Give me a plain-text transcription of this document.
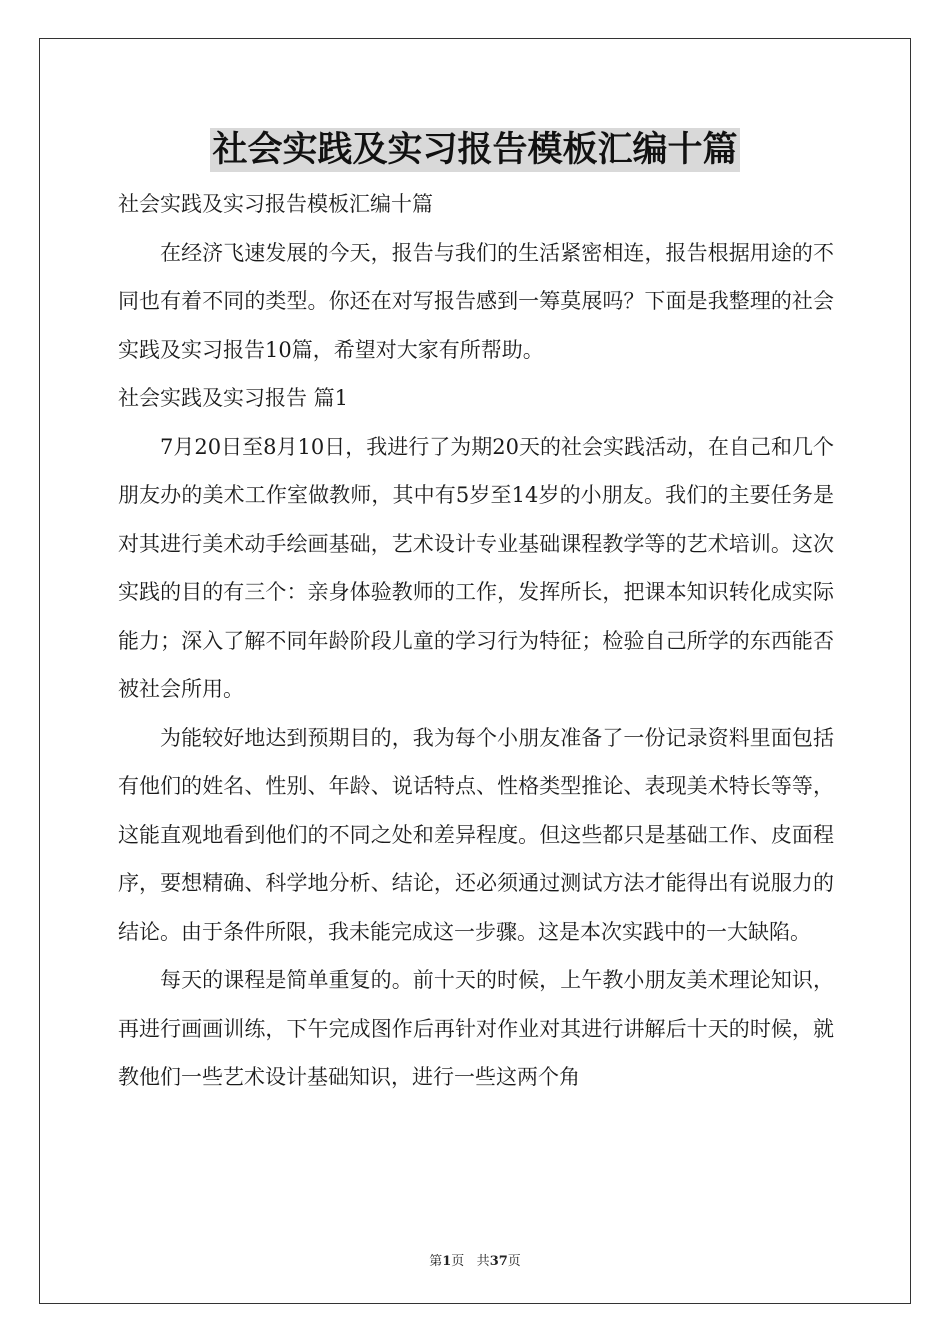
社会实践及实习报告模板汇编十篇

社会实践及实习报告模板汇编十篇

在经济飞速发展的今天，报告与我们的生活紧密相连，报告根据用途的不同也有着不同的类型。你还在对写报告感到一筹莫展吗？下面是我整理的社会实践及实习报告10篇，希望对大家有所帮助。

社会实践及实习报告 篇1

7月20日至8月10日，我进行了为期20天的社会实践活动，在自己和几个朋友办的美术工作室做教师，其中有5岁至14岁的小朋友。我们的主要任务是对其进行美术动手绘画基础，艺术设计专业基础课程教学等的艺术培训。这次实践的目的有三个：亲身体验教师的工作，发挥所长，把课本知识转化成实际能力；深入了解不同年龄阶段儿童的学习行为特征；检验自己所学的东西能否被社会所用。

为能较好地达到预期目的，我为每个小朋友准备了一份记录资料里面包括有他们的姓名、性别、年龄、说话特点、性格类型推论、表现美术特长等等，这能直观地看到他们的不同之处和差异程度。但这些都只是基础工作、皮面程序，要想精确、科学地分析、结论，还必须通过测试方法才能得出有说服力的结论。由于条件所限，我未能完成这一步骤。这是本次实践中的一大缺陷。

每天的课程是简单重复的。前十天的时候，上午教小朋友美术理论知识，再进行画画训练，下午完成图作后再针对作业对其进行讲解后十天的时候，就教他们一些艺术设计基础知识，进行一些这两个角

第1页 共37页
